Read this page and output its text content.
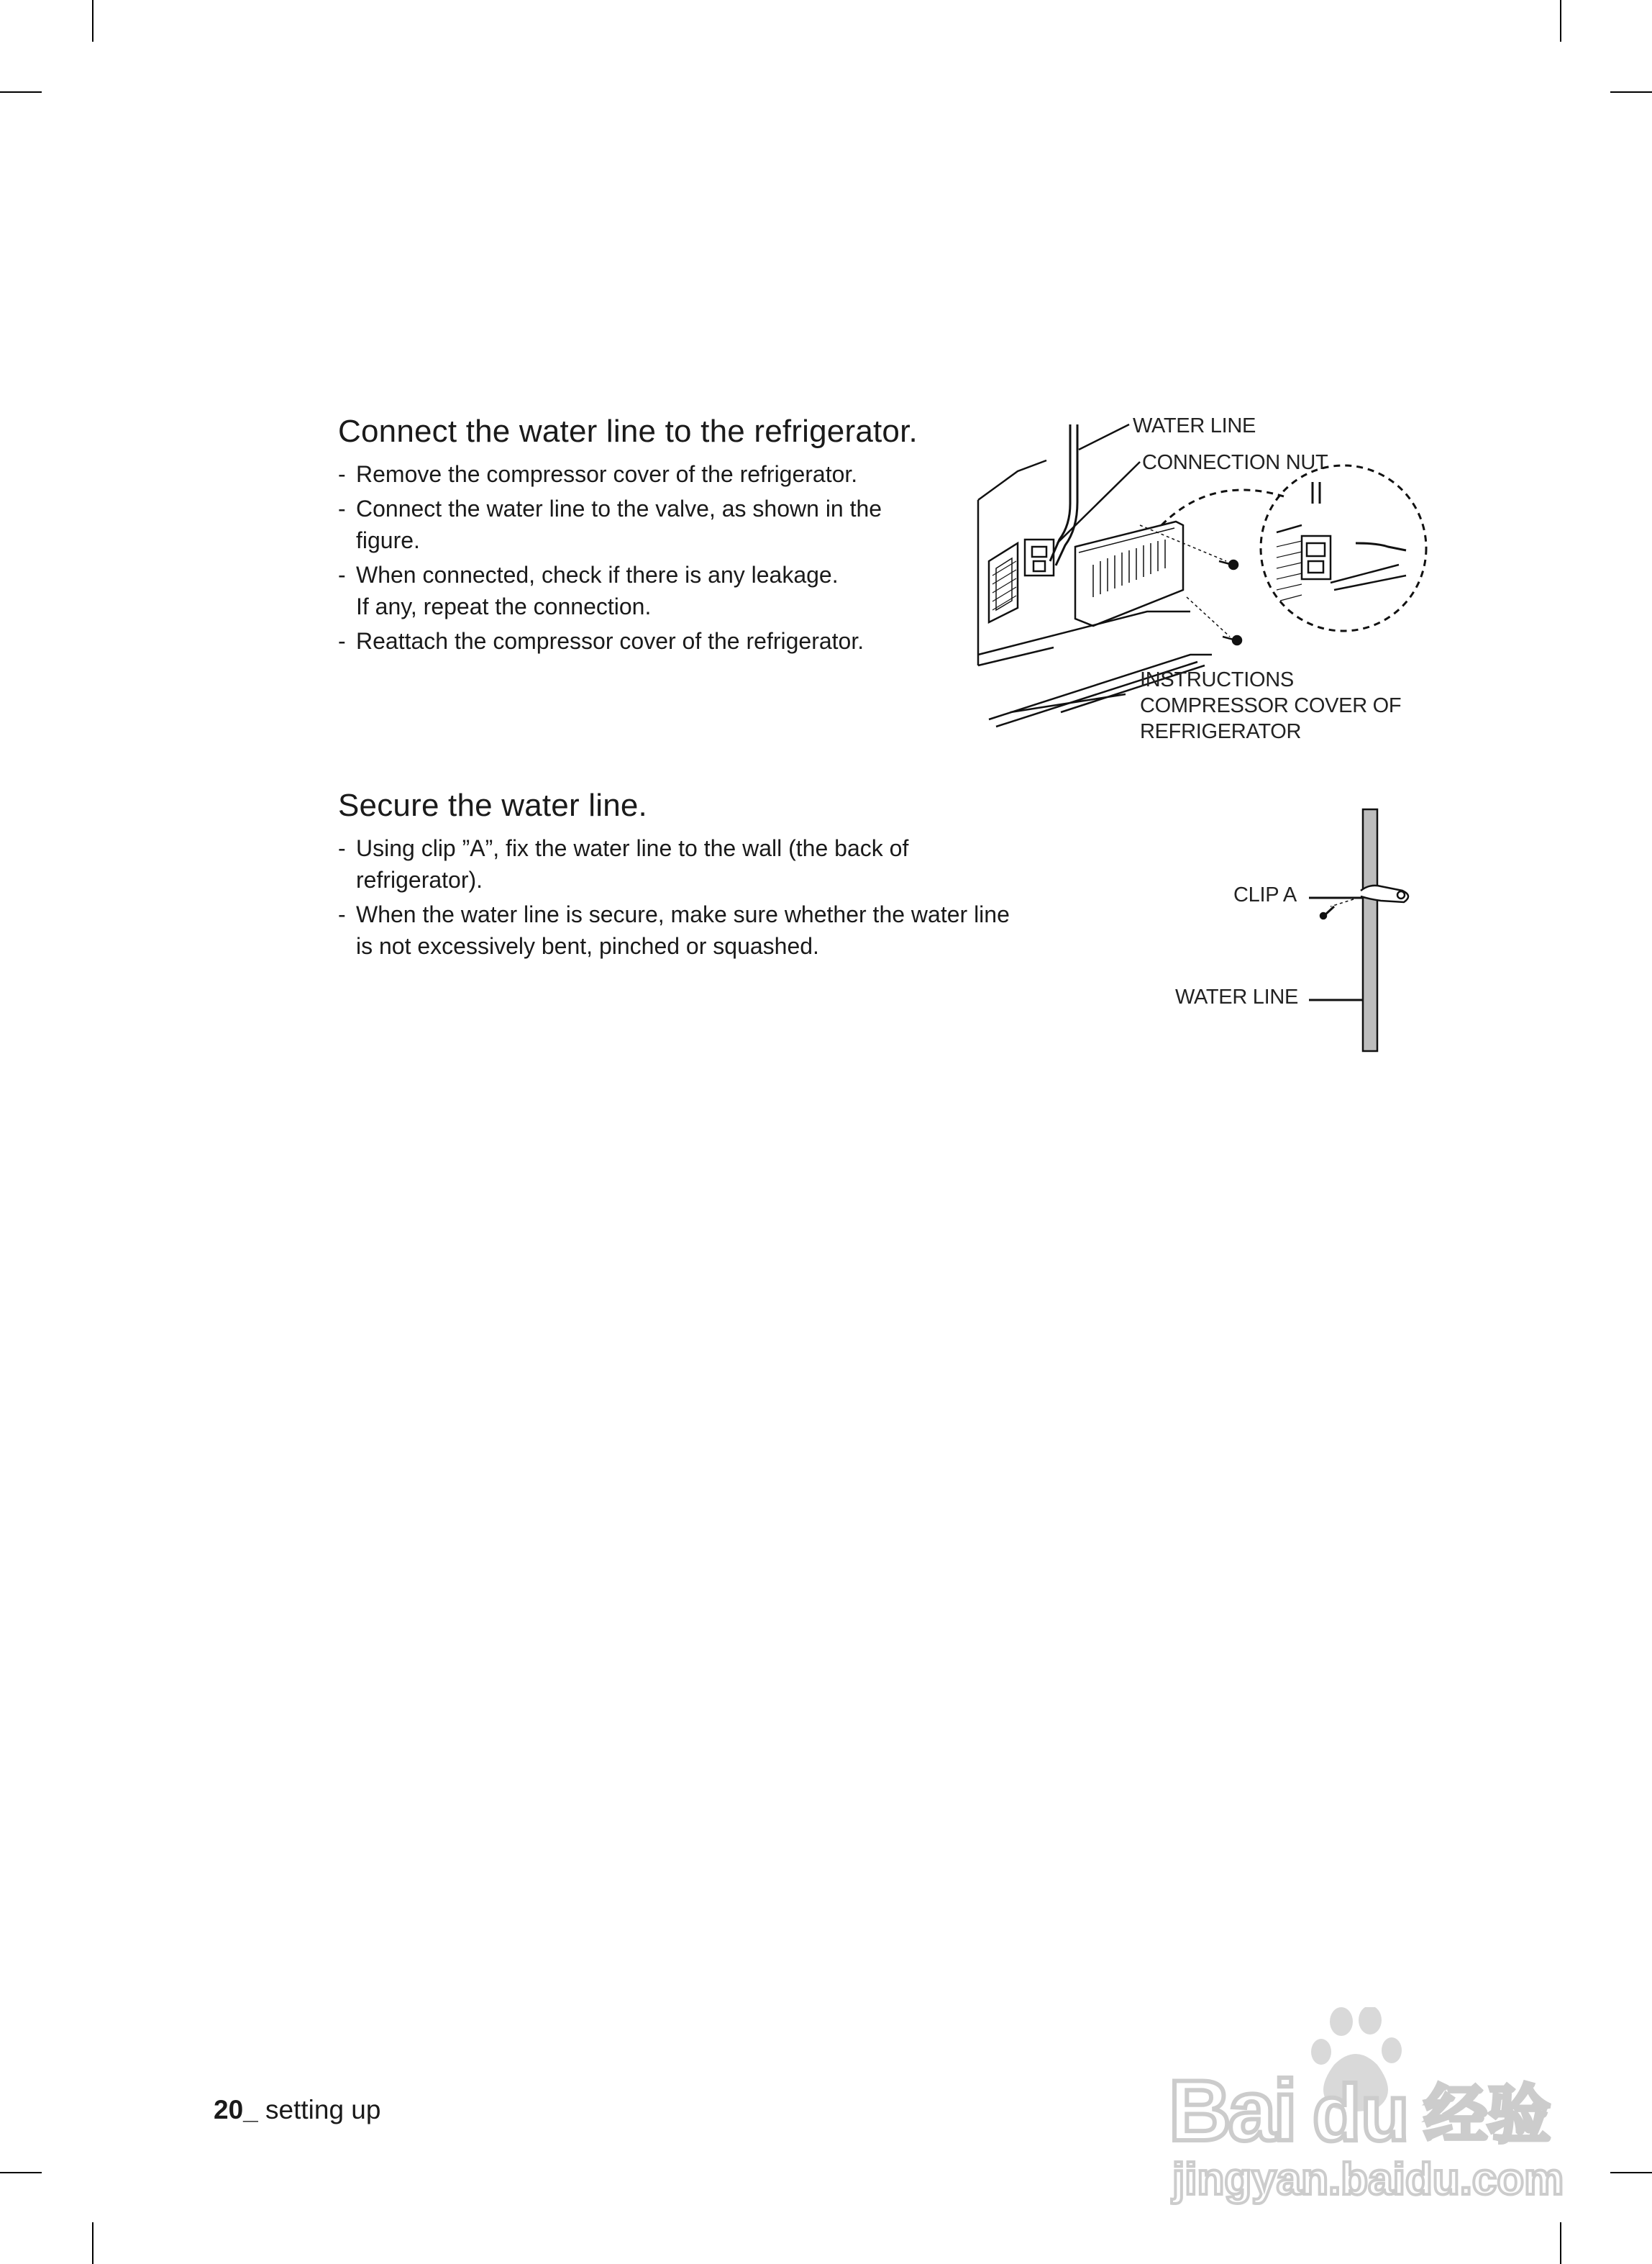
Connect the water line to the refrigerator.
- Remove the compressor cover of the refrigerator.
- Connect the water line to the valve, as shown in the
figure.
- When connected, check if there is any leakage.
If any, repeat the connection.
- Reattach the compressor cover of the refrigerator.
WATER LINE
CONNECTION NUT
INSTRUCTIONS
COMPRESSOR COVER OF
REFRIGERATOR
Secure the water line.
- Using clip ”A”, fix the water line to the wall (the back of
refrigerator).
- When the water line is secure, make sure whether the water line
is not excessively bent, pinched or squashed.
CLIP A
WATER LINE
20_ setting up	Bai du 经验
jingyan.baidu.com
